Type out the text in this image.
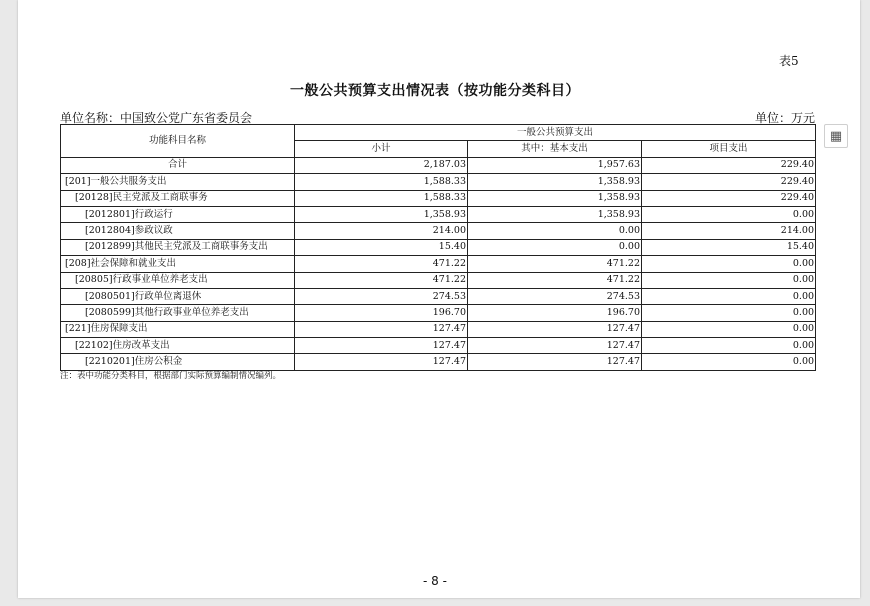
表5
一般公共预算支出情况表（按功能分类科目）
单位名称：中国致公党广东省委员会	单位：万元
功能科目名称	一般公共预算支出		
	小计	其中：基本支出	项目支出
合计	2,187.03	1,957.63	229.40
[201]一般公共服务支出	1,588.33	1,358.93	229.40
[20128]民主党派及工商联事务	1,588.33	1,358.93	229.40
[2012801]行政运行	1,358.93	1,358.93	0.00
[2012804]参政议政	214.00	0.00	214.00
[2012899]其他民主党派及工商联事务支出	15.40	0.00	15.40
[208]社会保障和就业支出	471.22	471.22	0.00
[20805]行政事业单位养老支出	471.22	471.22	0.00
[2080501]行政单位离退休	274.53	274.53	0.00
[2080599]其他行政事业单位养老支出	196.70	196.70	0.00
[221]住房保障支出	127.47	127.47	0.00
[22102]住房改革支出	127.47	127.47	0.00
[2210201]住房公积金	127.47	127.47	0.00
注：表中功能分类科目，根据部门实际预算编制情况编列。
- 8 -
▦
